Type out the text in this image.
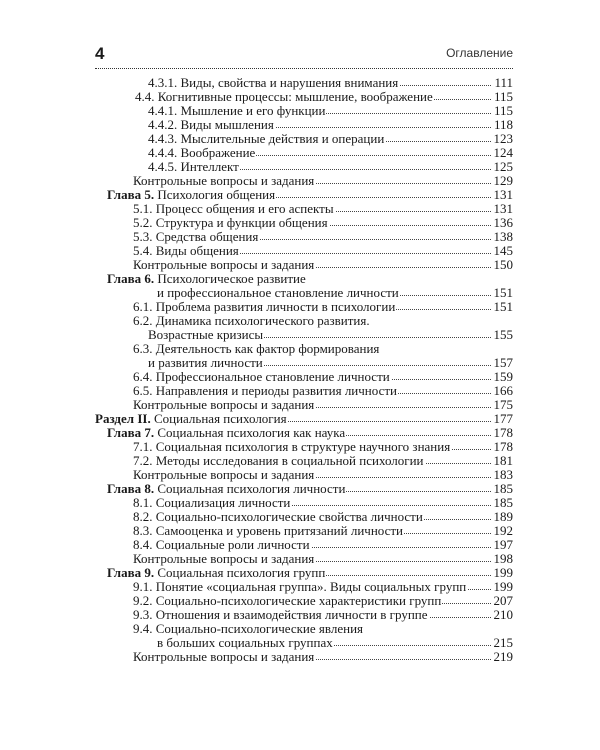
4	Оглавление
4.3.1. Виды, свойства и нарушения внимания	111
4.4. Когнитивные процессы: мышление, воображение	115
4.4.1. Мышление и его функции	115
4.4.2. Виды мышления	118
4.4.3. Мыслительные действия и операции	123
4.4.4. Воображение	124
4.4.5. Интеллект	125
Контрольные вопросы и задания	129
Глава 5. Психология общения	131
5.1. Процесс общения и его аспекты	131
5.2. Структура и функции общения	136
5.3. Средства общения	138
5.4. Виды общения	145
Контрольные вопросы и задания	150
Глава 6. Психологическое развитие
и профессиональное становление личности	151
6.1. Проблема развития личности в психологии	151
6.2. Динамика психологического развития.
Возрастные кризисы	155
6.3. Деятельность как фактор формирования
и развития личности	157
6.4. Профессиональное становление личности	159
6.5. Направления и периоды развития личности	166
Контрольные вопросы и задания	175
Раздел II. Социальная психология	177
Глава 7. Социальная психология как наука	178
7.1. Социальная психология в структуре научного знания	178
7.2. Методы исследования в социальной психологии	181
Контрольные вопросы и задания	183
Глава 8. Социальная психология личности	185
8.1. Социализация личности	185
8.2. Социально-психологические свойства личности	189
8.3. Самооценка и уровень притязаний личности	192
8.4. Социальные роли личности	197
Контрольные вопросы и задания	198
Глава 9. Социальная психология групп	199
9.1. Понятие «социальная группа». Виды социальных групп 199
9.2. Социально-психологические характеристики групп	207
9.3. Отношения и взаимодействия личности в группе	210
9.4. Социально-психологические явления
в больших социальных группах	215
Контрольные вопросы и задания	219
